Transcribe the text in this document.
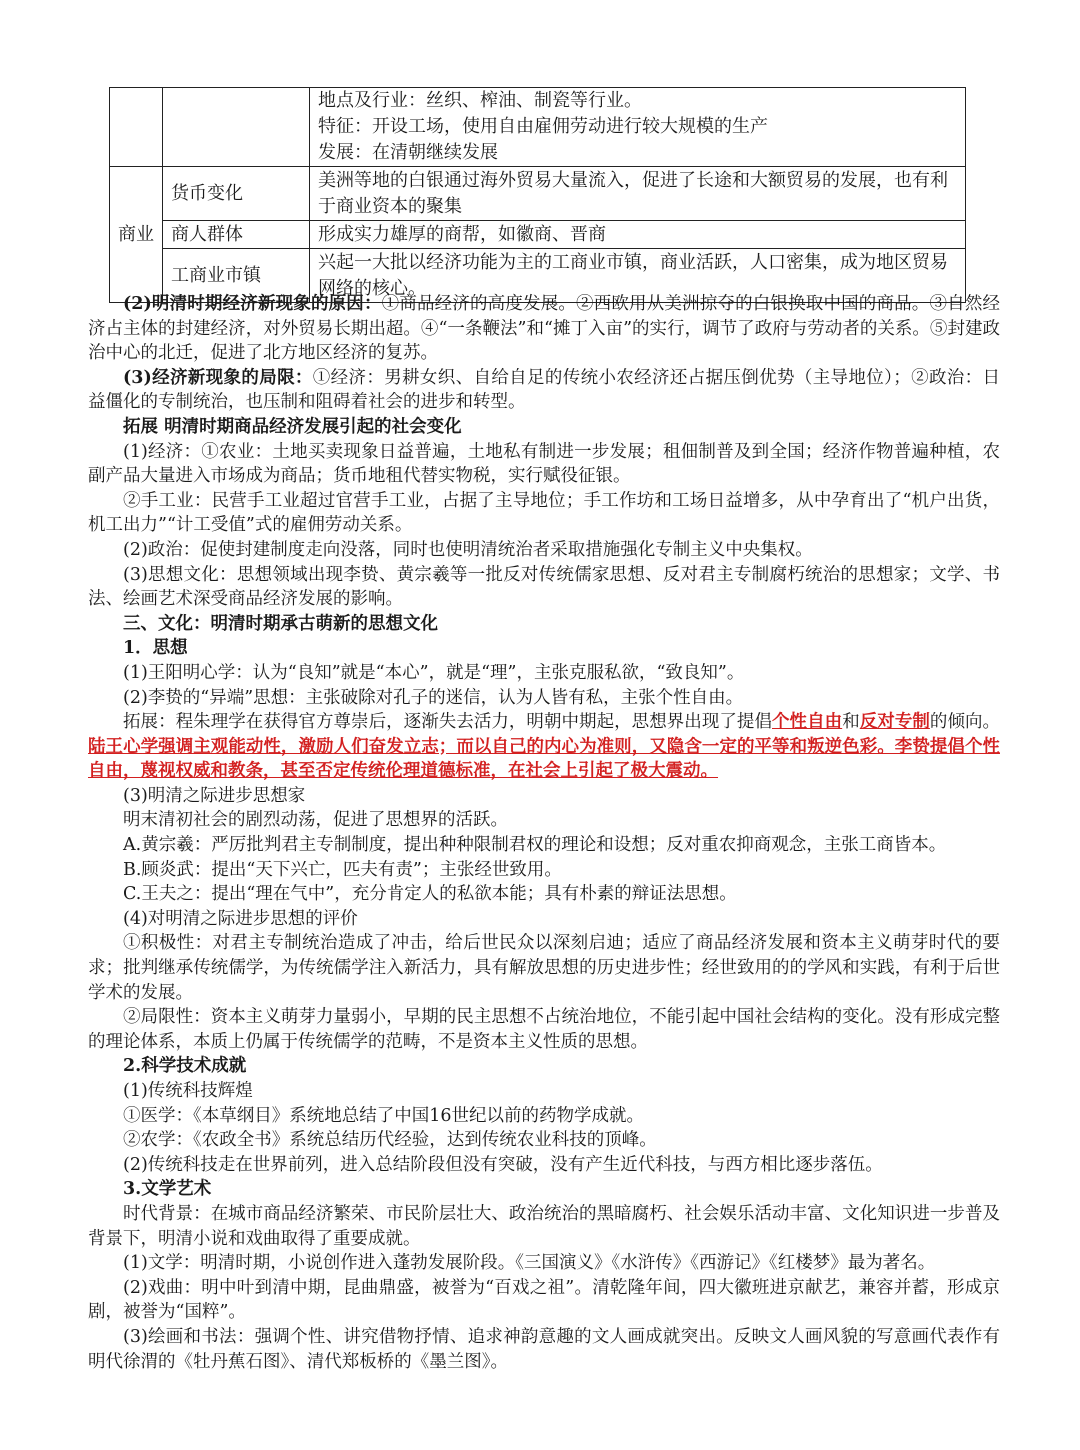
		地点及行业：丝织、榨油、制瓷等行业。
特征：开设工场，使用自由雇佣劳动进行较大规模的生产
发展：在清朝继续发展

商业	货币变化	美洲等地的白银通过海外贸易大量流入，促进了长途和大额贸易的发展，也有利于商业资本的聚集
	商人群体	形成实力雄厚的商帮，如徽商、晋商
	工商业市镇	兴起一大批以经济功能为主的工商业市镇，商业活跃，人口密集，成为地区贸易网络的核心。

(2)明清时期经济新现象的原因：①商品经济的高度发展。②西欧用从美洲掠夺的白银换取中国的商品。③自然经济占主体的封建经济，对外贸易长期出超。④“一条鞭法”和“摊丁入亩”的实行，调节了政府与劳动者的关系。⑤封建政治中心的北迁，促进了北方地区经济的复苏。

(3)经济新现象的局限：①经济：男耕女织、自给自足的传统小农经济还占据压倒优势（主导地位）；②政治：日益僵化的专制统治，也压制和阻碍着社会的进步和转型。

拓展 明清时期商品经济发展引起的社会变化

(1)经济：①农业：土地买卖现象日益普遍，土地私有制进一步发展；租佃制普及到全国；经济作物普遍种植，农副产品大量进入市场成为商品；货币地租代替实物税，实行赋役征银。

②手工业：民营手工业超过官营手工业，占据了主导地位；手工作坊和工场日益增多，从中孕育出了“机户出货，机工出力”“计工受值”式的雇佣劳动关系。

(2)政治：促使封建制度走向没落，同时也使明清统治者采取措施强化专制主义中央集权。

(3)思想文化：思想领域出现李贽、黄宗羲等一批反对传统儒家思想、反对君主专制腐朽统治的思想家；文学、书法、绘画艺术深受商品经济发展的影响。

三、文化：明清时期承古萌新的思想文化

1．思想

(1)王阳明心学：认为“良知”就是“本心”，就是“理”，主张克服私欲，“致良知”。

(2)李贽的“异端”思想：主张破除对孔子的迷信，认为人皆有私，主张个性自由。

拓展：程朱理学在获得官方尊崇后，逐渐失去活力，明朝中期起，思想界出现了提倡个性自由和反对专制的倾向。陆王心学强调主观能动性，激励人们奋发立志；而以自己的内心为准则，又隐含一定的平等和叛逆色彩。李贽提倡个性自由，蔑视权威和教条，甚至否定传统伦理道德标准，在社会上引起了极大震动。

(3)明清之际进步思想家

明末清初社会的剧烈动荡，促进了思想界的活跃。

A.黄宗羲：严厉批判君主专制制度，提出种种限制君权的理论和设想；反对重农抑商观念，主张工商皆本。

B.顾炎武：提出“天下兴亡，匹夫有责”；主张经世致用。

C.王夫之：提出“理在气中”，充分肯定人的私欲本能；具有朴素的辩证法思想。

(4)对明清之际进步思想的评价

①积极性：对君主专制统治造成了冲击，给后世民众以深刻启迪；适应了商品经济发展和资本主义萌芽时代的要求；批判继承传统儒学，为传统儒学注入新活力，具有解放思想的历史进步性；经世致用的的学风和实践，有利于后世学术的发展。

②局限性：资本主义萌芽力量弱小，早期的民主思想不占统治地位，不能引起中国社会结构的变化。没有形成完整的理论体系，本质上仍属于传统儒学的范畴，不是资本主义性质的思想。

2.科学技术成就

(1)传统科技辉煌

①医学：《本草纲目》系统地总结了中国16世纪以前的药物学成就。

②农学：《农政全书》系统总结历代经验，达到传统农业科技的顶峰。

(2)传统科技走在世界前列，进入总结阶段但没有突破，没有产生近代科技，与西方相比逐步落伍。

3.文学艺术

时代背景：在城市商品经济繁荣、市民阶层壮大、政治统治的黑暗腐朽、社会娱乐活动丰富、文化知识进一步普及背景下，明清小说和戏曲取得了重要成就。

(1)文学：明清时期，小说创作进入蓬勃发展阶段。《三国演义》《水浒传》《西游记》《红楼梦》最为著名。

(2)戏曲：明中叶到清中期，昆曲鼎盛，被誉为“百戏之祖”。清乾隆年间，四大徽班进京献艺，兼容并蓄，形成京剧，被誉为“国粹”。

(3)绘画和书法：强调个性、讲究借物抒情、追求神韵意趣的文人画成就突出。反映文人画风貌的写意画代表作有明代徐渭的《牡丹蕉石图》、清代郑板桥的《墨兰图》。
